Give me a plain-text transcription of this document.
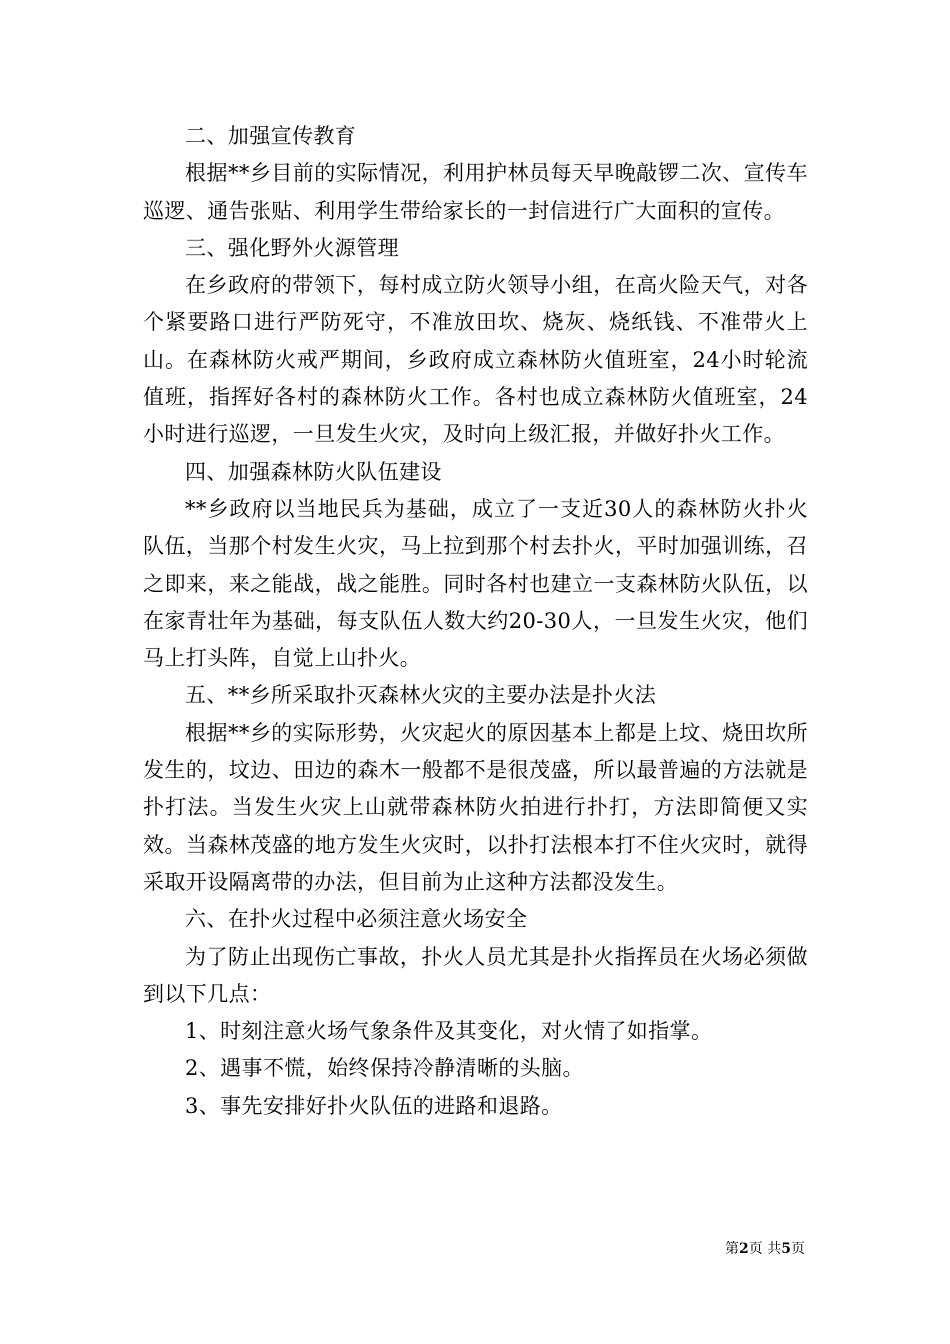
二、加强宣传教育

根据**乡目前的实际情况，利用护林员每天早晚敲锣二次、宣传车巡逻、通告张贴、利用学生带给家长的一封信进行广大面积的宣传。

三、强化野外火源管理

在乡政府的带领下，每村成立防火领导小组，在高火险天气，对各个紧要路口进行严防死守，不准放田坎、烧灰、烧纸钱、不准带火上山。在森林防火戒严期间，乡政府成立森林防火值班室，24小时轮流值班，指挥好各村的森林防火工作。各村也成立森林防火值班室，24小时进行巡逻，一旦发生火灾，及时向上级汇报，并做好扑火工作。

四、加强森林防火队伍建设

**乡政府以当地民兵为基础，成立了一支近30人的森林防火扑火队伍，当那个村发生火灾，马上拉到那个村去扑火，平时加强训练，召之即来，来之能战，战之能胜。同时各村也建立一支森林防火队伍，以在家青壮年为基础，每支队伍人数大约20-30人，一旦发生火灾，他们马上打头阵，自觉上山扑火。

五、**乡所采取扑灭森林火灾的主要办法是扑火法

根据**乡的实际形势，火灾起火的原因基本上都是上坟、烧田坎所发生的，坟边、田边的森木一般都不是很茂盛，所以最普遍的方法就是扑打法。当发生火灾上山就带森林防火拍进行扑打，方法即简便又实效。当森林茂盛的地方发生火灾时，以扑打法根本打不住火灾时，就得采取开设隔离带的办法，但目前为止这种方法都没发生。

六、在扑火过程中必须注意火场安全

为了防止出现伤亡事故，扑火人员尤其是扑火指挥员在火场必须做到以下几点：

1、时刻注意火场气象条件及其变化，对火情了如指掌。

2、遇事不慌，始终保持冷静清晰的头脑。

3、事先安排好扑火队伍的进路和退路。

第2页 共5页
